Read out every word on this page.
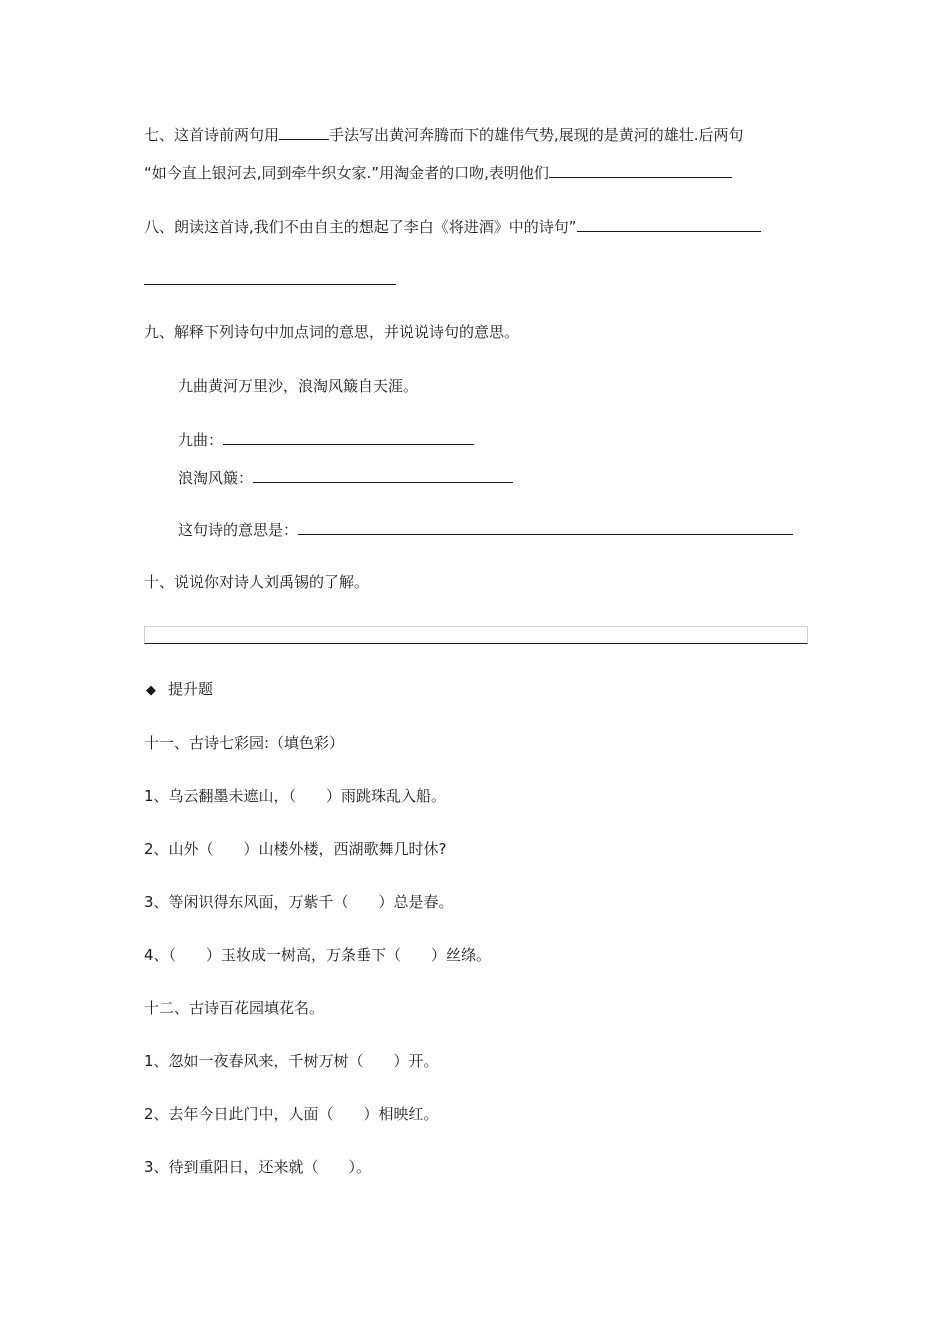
七、这首诗前两句用	手法写出黄河奔腾而下的雄伟气势,展现的是黄河的雄壮.后两句
“如今直上银河去,同到牵牛织女家.”用淘金者的口吻,表明他们
八、朗读这首诗,我们不由自主的想起了李白《将进酒》中的诗句”
九、解释下列诗句中加点词的意思，并说说诗句的意思。
九曲黄河万里沙，浪淘风簸自天涯。
九曲：
浪淘风簸：
这句诗的意思是：
十、说说你对诗人刘禹锡的了解。
◆ 提升题
十一、古诗七彩园:（填色彩）
1、乌云翻墨未遮山，（　　）雨跳珠乱入船。
2、山外（　　）山楼外楼，西湖歌舞几时休?
3、等闲识得东风面，万紫千（　　）总是春。
4、（　　）玉妆成一树高，万条垂下（　　）丝绦。
十二、古诗百花园填花名。
1、忽如一夜春风来，千树万树（　　）开。
2、去年今日此门中，人面（　　）相映红。
3、待到重阳日，还来就（　　）。
